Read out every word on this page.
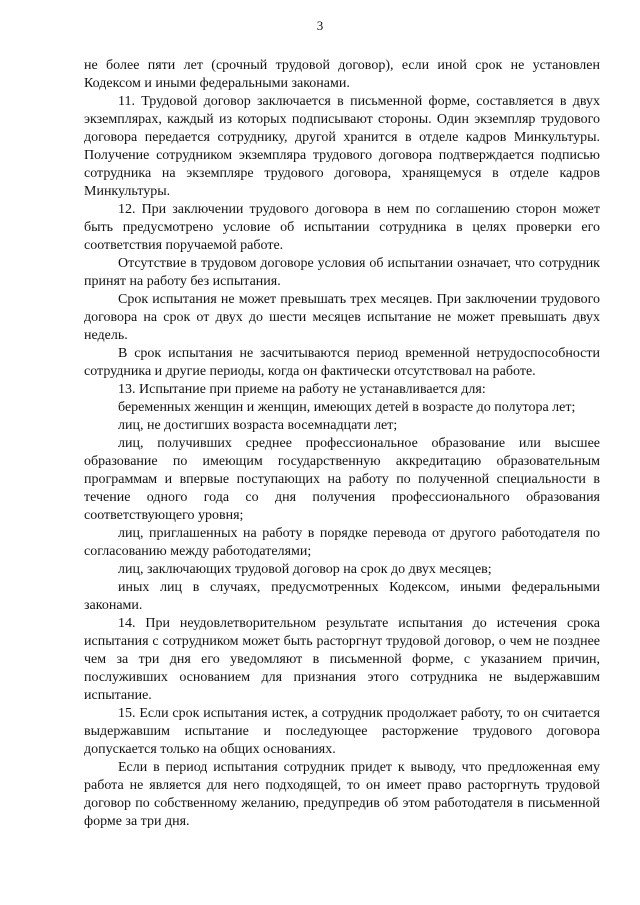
3

не более пяти лет (срочный трудовой договор), если иной срок не установлен Кодексом и иными федеральными законами.

11. Трудовой договор заключается в письменной форме, составляется в двух экземплярах, каждый из которых подписывают стороны. Один экземпляр трудового договора передается сотруднику, другой хранится в отделе кадров Минкультуры. Получение сотрудником экземпляра трудового договора подтверждается подписью сотрудника на экземпляре трудового договора, хранящемуся в отделе кадров Минкультуры.

12. При заключении трудового договора в нем по соглашению сторон может быть предусмотрено условие об испытании сотрудника в целях проверки его соответствия поручаемой работе.

Отсутствие в трудовом договоре условия об испытании означает, что сотрудник принят на работу без испытания.

Срок испытания не может превышать трех месяцев. При заключении трудового договора на срок от двух до шести месяцев испытание не может превышать двух недель.

В срок испытания не засчитываются период временной нетрудоспособности сотрудника и другие периоды, когда он фактически отсутствовал на работе.

13. Испытание при приеме на работу не устанавливается для:

беременных женщин и женщин, имеющих детей в возрасте до полутора лет;

лиц, не достигших возраста восемнадцати лет;

лиц, получивших среднее профессиональное образование или высшее образование по имеющим государственную аккредитацию образовательным программам и впервые поступающих на работу по полученной специальности в течение одного года со дня получения профессионального образования соответствующего уровня;

лиц, приглашенных на работу в порядке перевода от другого работодателя по согласованию между работодателями;

лиц, заключающих трудовой договор на срок до двух месяцев;

иных лиц в случаях, предусмотренных Кодексом, иными федеральными законами.

14. При неудовлетворительном результате испытания до истечения срока испытания с сотрудником может быть расторгнут трудовой договор, о чем не позднее чем за три дня его уведомляют в письменной форме, с указанием причин, послуживших основанием для признания этого сотрудника не выдержавшим испытание.

15. Если срок испытания истек, а сотрудник продолжает работу, то он считается выдержавшим испытание и последующее расторжение трудового договора допускается только на общих основаниях.

Если в период испытания сотрудник придет к выводу, что предложенная ему работа не является для него подходящей, то он имеет право расторгнуть трудовой договор по собственному желанию, предупредив об этом работодателя в письменной форме за три дня.
